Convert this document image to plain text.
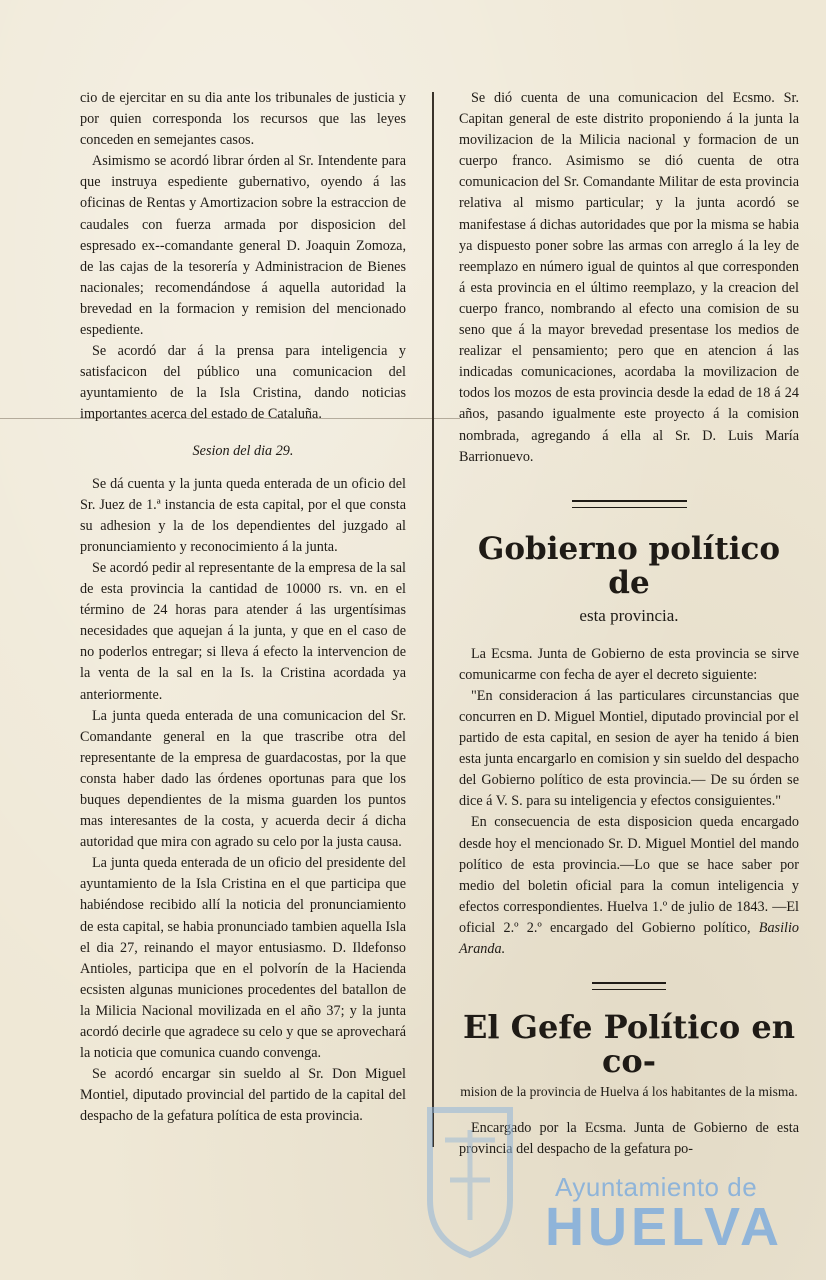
cio de ejercitar en su dia ante los tribunales de justicia y por quien corresponda los recursos que las leyes conceden en semejantes casos.

Asimismo se acordó librar órden al Sr. Intendente para que instruya espediente gubernativo, oyendo á las oficinas de Rentas y Amortizacion sobre la estraccion de caudales con fuerza armada por disposicion del espresado ex--comandante general D. Joaquin Zomoza, de las cajas de la tesorería y Administracion de Bienes nacionales; recomendándose á aquella autoridad la brevedad en la formacion y remision del mencionado espediente.

Se acordó dar á la prensa para inteligencia y satisfacicon del público una comunicacion del ayuntamiento de la Isla Cristina, dando noticias importantes acerca del estado de Cataluña.

Sesion del dia 29.

Se dá cuenta y la junta queda enterada de un oficio del Sr. Juez de 1.ª instancia de esta capital, por el que consta su adhesion y la de los dependientes del juzgado al pronunciamiento y reconocimiento á la junta.

Se acordó pedir al representante de la empresa de la sal de esta provincia la cantidad de 10000 rs. vn. en el término de 24 horas para atender á las urgentísimas necesidades que aquejan á la junta, y que en el caso de no poderlos entregar; si lleva á efecto la intervencion de la venta de la sal en la Is. la Cristina acordada ya anteriormente.

La junta queda enterada de una comunicacion del Sr. Comandante general en la que trascribe otra del representante de la empresa de guardacostas, por la que consta haber dado las órdenes oportunas para que los buques dependientes de la misma guarden los puntos mas interesantes de la costa, y acuerda decir á dicha autoridad que mira con agrado su celo por la justa causa.

La junta queda enterada de un oficio del presidente del ayuntamiento de la Isla Cristina en el que participa que habiéndose recibido allí la noticia del pronunciamiento de esta capital, se habia pronunciado tambien aquella Isla el dia 27, reinando el mayor entusiasmo. D. Ildefonso Antioles, participa que en el polvorín de la Hacienda ecsisten algunas municiones procedentes del batallon de la Milicia Nacional movilizada en el año 37; y la junta acordó decirle que agradece su celo y que se aprovechará la noticia que comunica cuando convenga.

Se acordó encargar sin sueldo al Sr. Don Miguel Montiel, diputado provincial del partido de la capital del despacho de la gefatura política de esta provincia.

Se dió cuenta de una comunicacion del Ecsmo. Sr. Capitan general de este distrito proponiendo á la junta la movilizacion de la Milicia nacional y formacion de un cuerpo franco. Asimismo se dió cuenta de otra comunicacion del Sr. Comandante Militar de esta provincia relativa al mismo particular; y la junta acordó se manifestase á dichas autoridades que por la misma se habia ya dispuesto poner sobre las armas con arreglo á la ley de reemplazo en número igual de quintos al que corresponden á esta provincia en el último reemplazo, y la creacion del cuerpo franco, nombrando al efecto una comision de su seno que á la mayor brevedad presentase los medios de realizar el pensamiento; pero que en atencion á las indicadas comunicaciones, acordaba la movilizacion de todos los mozos de esta provincia desde la edad de 18 á 24 años, pasando igualmente este proyecto á la comision nombrada, agregando á ella al Sr. D. Luis María Barrionuevo.

Gobierno político de
esta provincia.

La Ecsma. Junta de Gobierno de esta provincia se sirve comunicarme con fecha de ayer el decreto siguiente:

"En consideracion á las particulares circunstancias que concurren en D. Miguel Montiel, diputado provincial por el partido de esta capital, en sesion de ayer ha tenido á bien esta junta encargarlo en comision y sin sueldo del despacho del Gobierno político de esta provincia.— De su órden se dice á V. S. para su inteligencia y efectos consiguientes."

En consecuencia de esta disposicion queda encargado desde hoy el mencionado Sr. D. Miguel Montiel del mando político de esta provincia.—Lo que se hace saber por medio del boletin oficial para la comun inteligencia y efectos correspondientes. Huelva 1.º de julio de 1843. —El oficial 2.º 2.º encargado del Gobierno político, Basilio Aranda.

El Gefe Político en co-
mision de la provincia de Huelva á los habitantes de la misma.

Encargado por la Ecsma. Junta de Gobierno de esta provincia del despacho de la gefatura po-

Ayuntamiento de
HUELVA
